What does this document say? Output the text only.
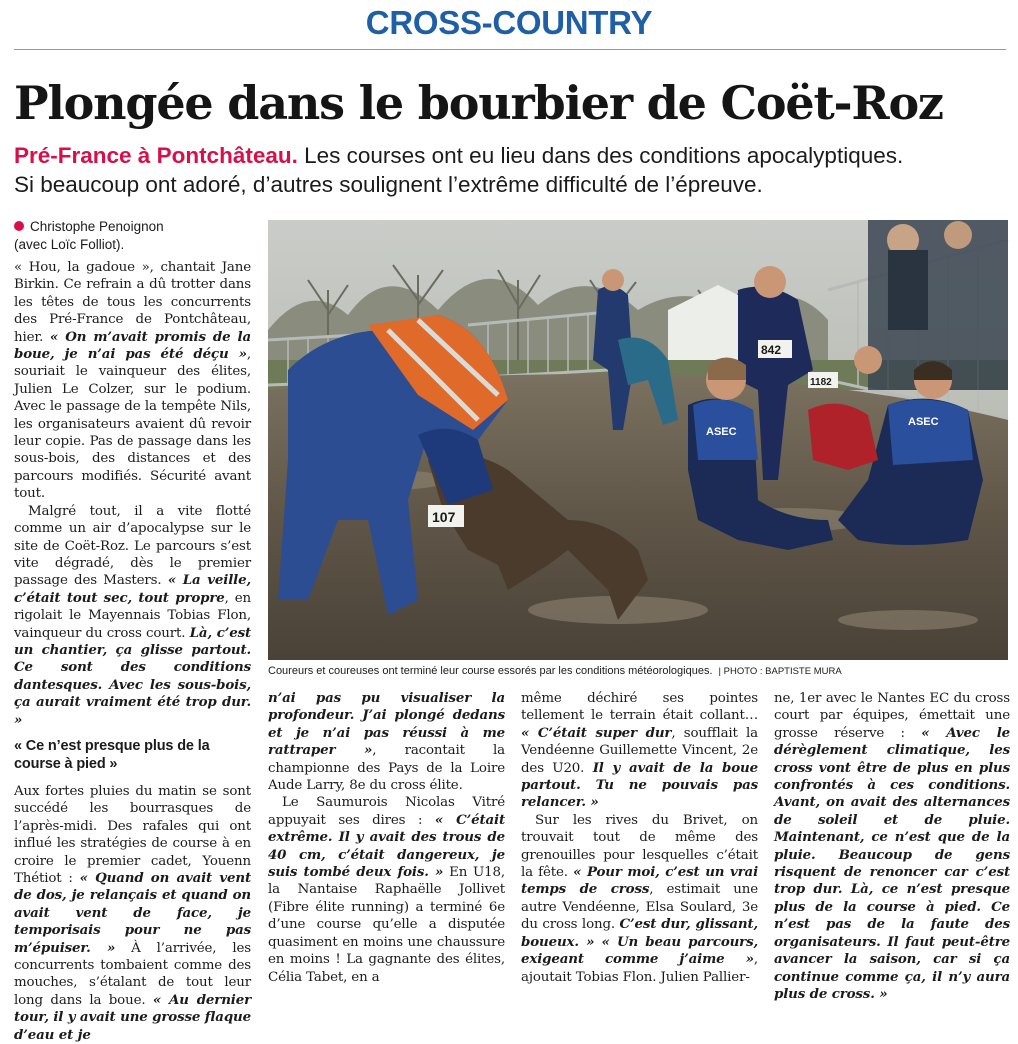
CROSS-COUNTRY
Plongée dans le bourbier de Coët-Roz
Pré-France à Pontchâteau. Les courses ont eu lieu dans des conditions apocalyptiques.
Si beaucoup ont adoré, d’autres soulignent l’extrême difficulté de l’épreuve.
Christophe Penoignon
(avec Loïc Folliot).

« Hou, la gadoue », chantait Jane Birkin. Ce refrain a dû trotter dans les têtes de tous les concurrents des Pré-France de Pontchâteau, hier. « On m’avait promis de la boue, je n’ai pas été déçu », souriait le vainqueur des élites, Julien Le Colzer, sur le podium. Avec le passage de la tempête Nils, les organisateurs avaient dû revoir leur copie. Pas de passage dans les sous-bois, des distances et des parcours modifiés. Sécurité avant tout.

Malgré tout, il a vite flotté comme un air d’apocalypse sur le site de Coët-Roz. Le parcours s’est vite dégradé, dès le premier passage des Masters. « La veille, c’était tout sec, tout propre, en rigolait le Mayennais Tobias Flon, vainqueur du cross court. Là, c’est un chantier, ça glisse partout. Ce sont des conditions dantesques. Avec les sous-bois, ça aurait vraiment été trop dur. »

« Ce n’est presque plus de la course à pied »

Aux fortes pluies du matin se sont succédé les bourrasques de l’après-midi. Des rafales qui ont influé les stratégies de course à en croire le premier cadet, Youenn Thétiot : « Quand on avait vent de dos, je relançais et quand on avait vent de face, je temporisais pour ne pas m’épuiser. » À l’arrivée, les concurrents tombaient comme des mouches, s’étalant de tout leur long dans la boue. « Au dernier tour, il y avait une grosse flaque d’eau et je

107
842
ASEC
ASEC
1182
Coureurs et coureuses ont terminé leur course essorés par les conditions météorologiques. | PHOTO : BAPTISTE MURA

n’ai pas pu visualiser la profondeur. J’ai plongé dedans et je n’ai pas réussi à me rattraper », racontait la championne des Pays de la Loire Aude Larry, 8e du cross élite.

Le Saumurois Nicolas Vitré appuyait ses dires : « C’était extrême. Il y avait des trous de 40 cm, c’était dangereux, je suis tombé deux fois. » En U18, la Nantaise Raphaëlle Jollivet (Fibre élite running) a terminé 6e d’une course qu’elle a disputée quasiment en moins une chaussure en moins ! La gagnante des élites, Célia Tabet, en a

même déchiré ses pointes tellement le terrain était collant… « C’était super dur, soufflait la Vendéenne Guillemette Vincent, 2e des U20. Il y avait de la boue partout. Tu ne pouvais pas relancer. »

Sur les rives du Brivet, on trouvait tout de même des grenouilles pour lesquelles c’était la fête. « Pour moi, c’est un vrai temps de cross, estimait une autre Vendéenne, Elsa Soulard, 3e du cross long. C’est dur, glissant, boueux. » « Un beau parcours, exigeant comme j’aime », ajoutait Tobias Flon. Julien Pallier-

ne, 1er avec le Nantes EC du cross court par équipes, émettait une grosse réserve : « Avec le dérèglement climatique, les cross vont être de plus en plus confrontés à ces conditions. Avant, on avait des alternances de soleil et de pluie. Maintenant, ce n’est que de la pluie. Beaucoup de gens risquent de renoncer car c’est trop dur. Là, ce n’est presque plus de la course à pied. Ce n’est pas de la faute des organisateurs. Il faut peut-être avancer la saison, car si ça continue comme ça, il n’y aura plus de cross. »
